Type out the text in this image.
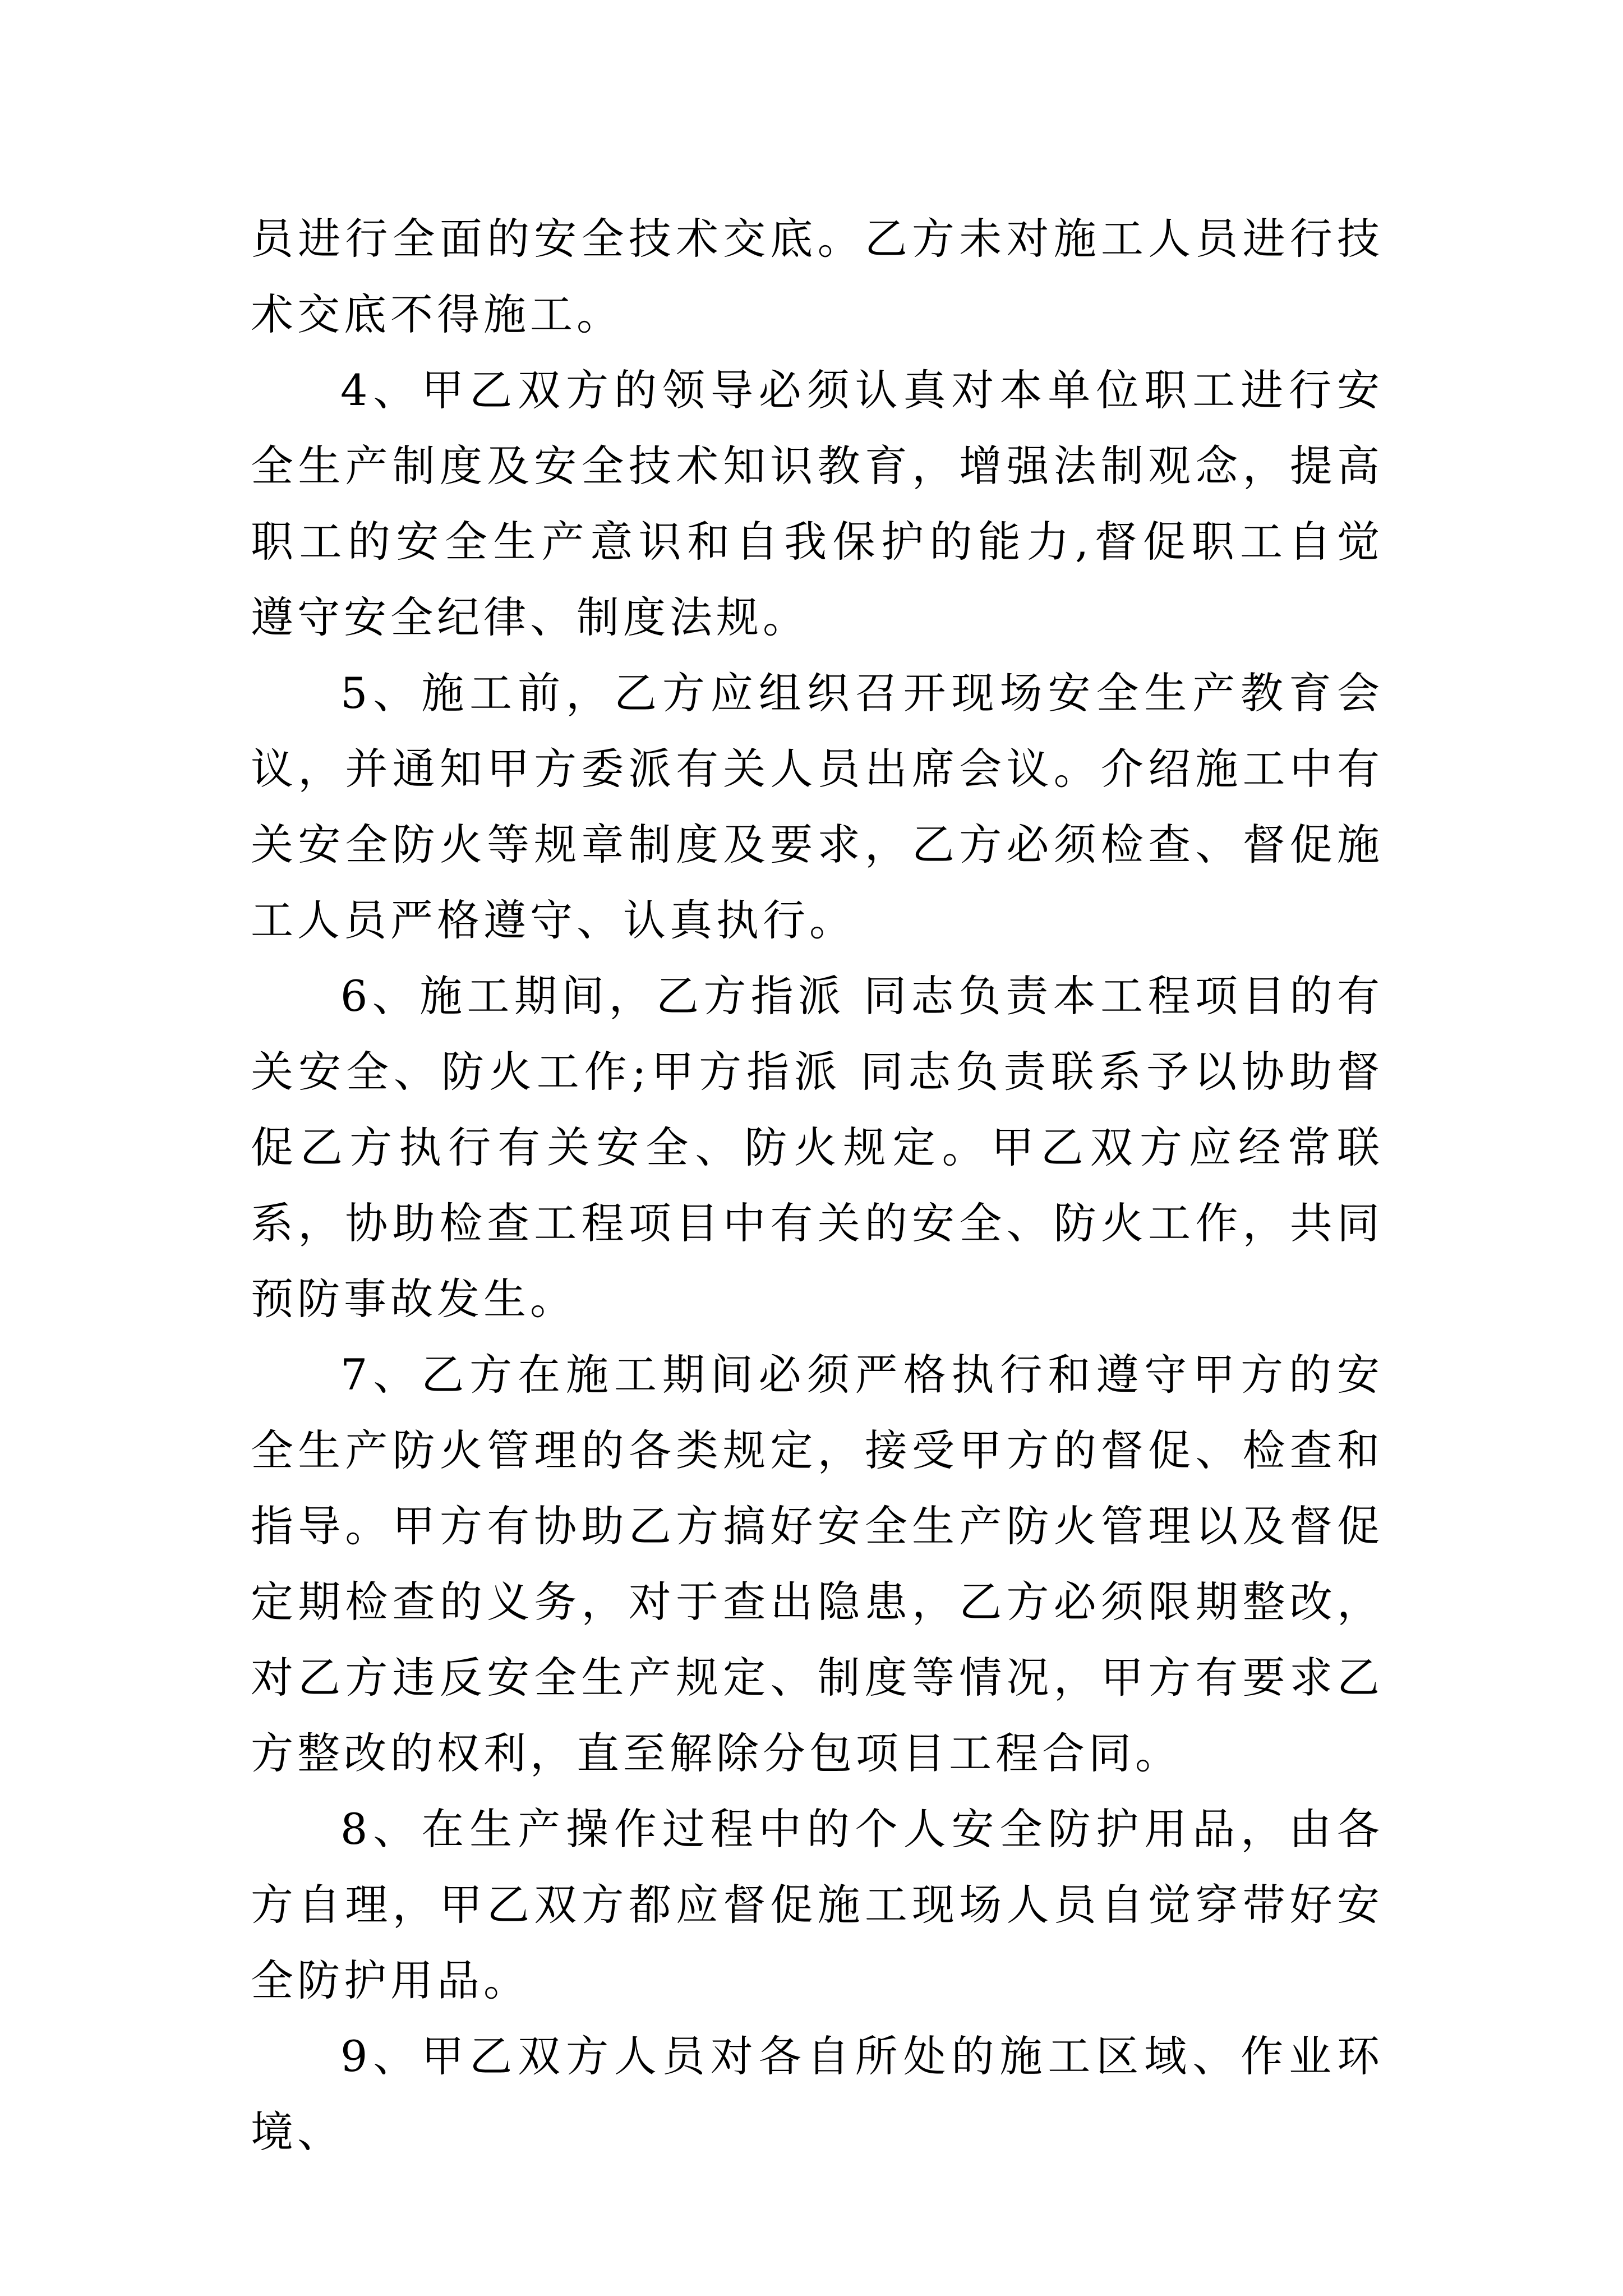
员进行全面的安全技术交底。乙方未对施工人员进行技术交底不得施工。

4、甲乙双方的领导必须认真对本单位职工进行安全生产制度及安全技术知识教育，增强法制观念，提高职工的安全生产意识和自我保护的能力,督促职工自觉遵守安全纪律、制度法规。

5、施工前，乙方应组织召开现场安全生产教育会议，并通知甲方委派有关人员出席会议。介绍施工中有关安全防火等规章制度及要求，乙方必须检查、督促施工人员严格遵守、认真执行。

6、施工期间，乙方指派 同志负责本工程项目的有关安全、防火工作;甲方指派 同志负责联系予以协助督促乙方执行有关安全、防火规定。甲乙双方应经常联系，协助检查工程项目中有关的安全、防火工作，共同预防事故发生。

7、乙方在施工期间必须严格执行和遵守甲方的安全生产防火管理的各类规定，接受甲方的督促、检查和指导。甲方有协助乙方搞好安全生产防火管理以及督促定期检查的义务，对于查出隐患，乙方必须限期整改，对乙方违反安全生产规定、制度等情况，甲方有要求乙方整改的权利，直至解除分包项目工程合同。

8、在生产操作过程中的个人安全防护用品，由各方自理，甲乙双方都应督促施工现场人员自觉穿带好安全防护用品。

9、甲乙双方人员对各自所处的施工区域、作业环境、
